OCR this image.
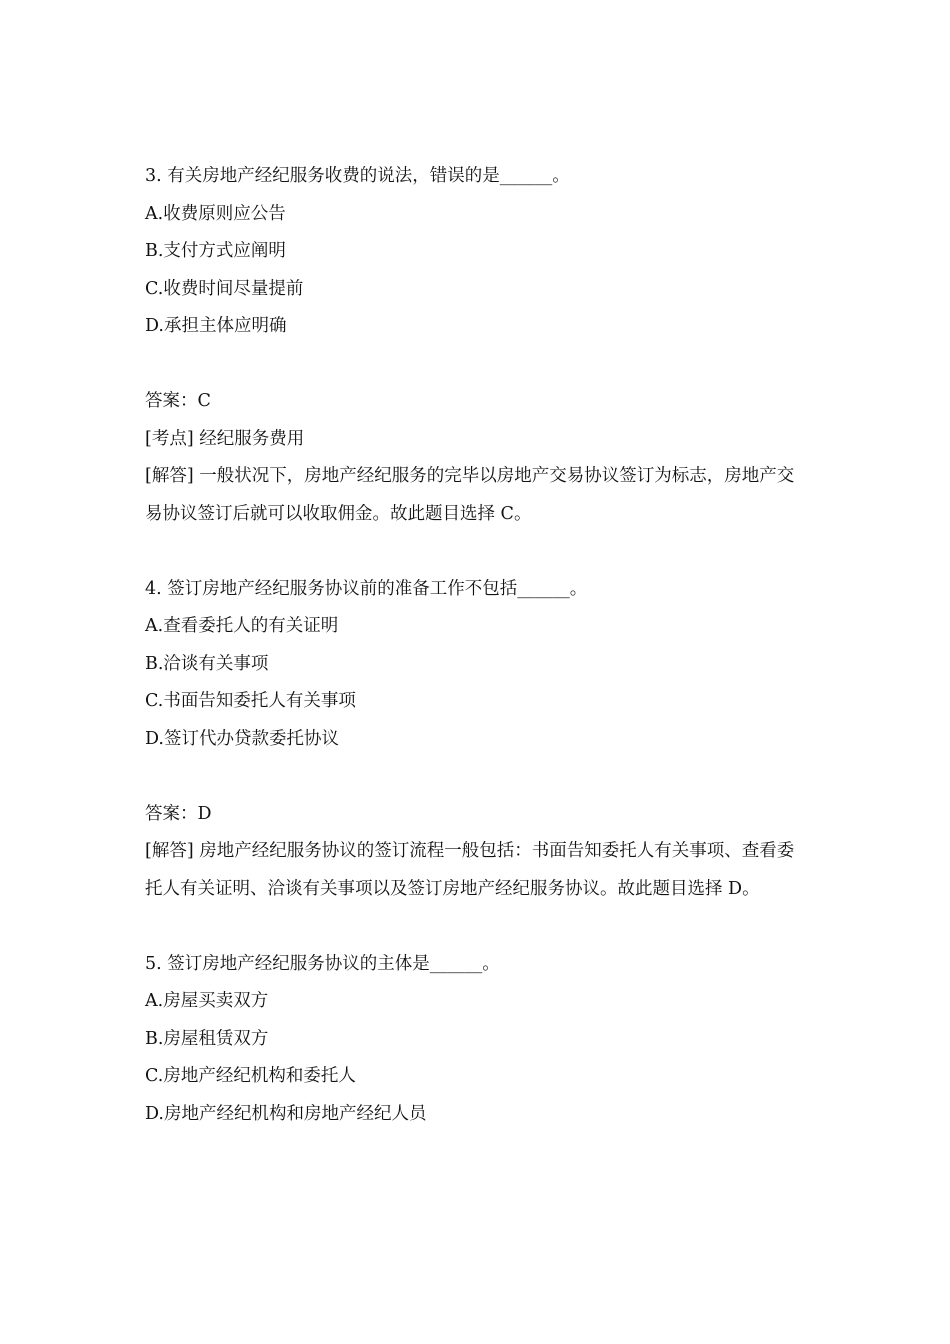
3. 有关房地产经纪服务收费的说法，错误的是______。

A.收费原则应公告

B.支付方式应阐明

C.收费时间尽量提前

D.承担主体应明确

答案：C

[考点] 经纪服务费用

[解答] 一般状况下，房地产经纪服务的完毕以房地产交易协议签订为标志，房地产交易协议签订后就可以收取佣金。故此题目选择 C。

4. 签订房地产经纪服务协议前的准备工作不包括______。

A.查看委托人的有关证明

B.洽谈有关事项

C.书面告知委托人有关事项

D.签订代办贷款委托协议

答案：D

[解答] 房地产经纪服务协议的签订流程一般包括：书面告知委托人有关事项、查看委托人有关证明、洽谈有关事项以及签订房地产经纪服务协议。故此题目选择 D。

5. 签订房地产经纪服务协议的主体是______。

A.房屋买卖双方

B.房屋租赁双方

C.房地产经纪机构和委托人

D.房地产经纪机构和房地产经纪人员
